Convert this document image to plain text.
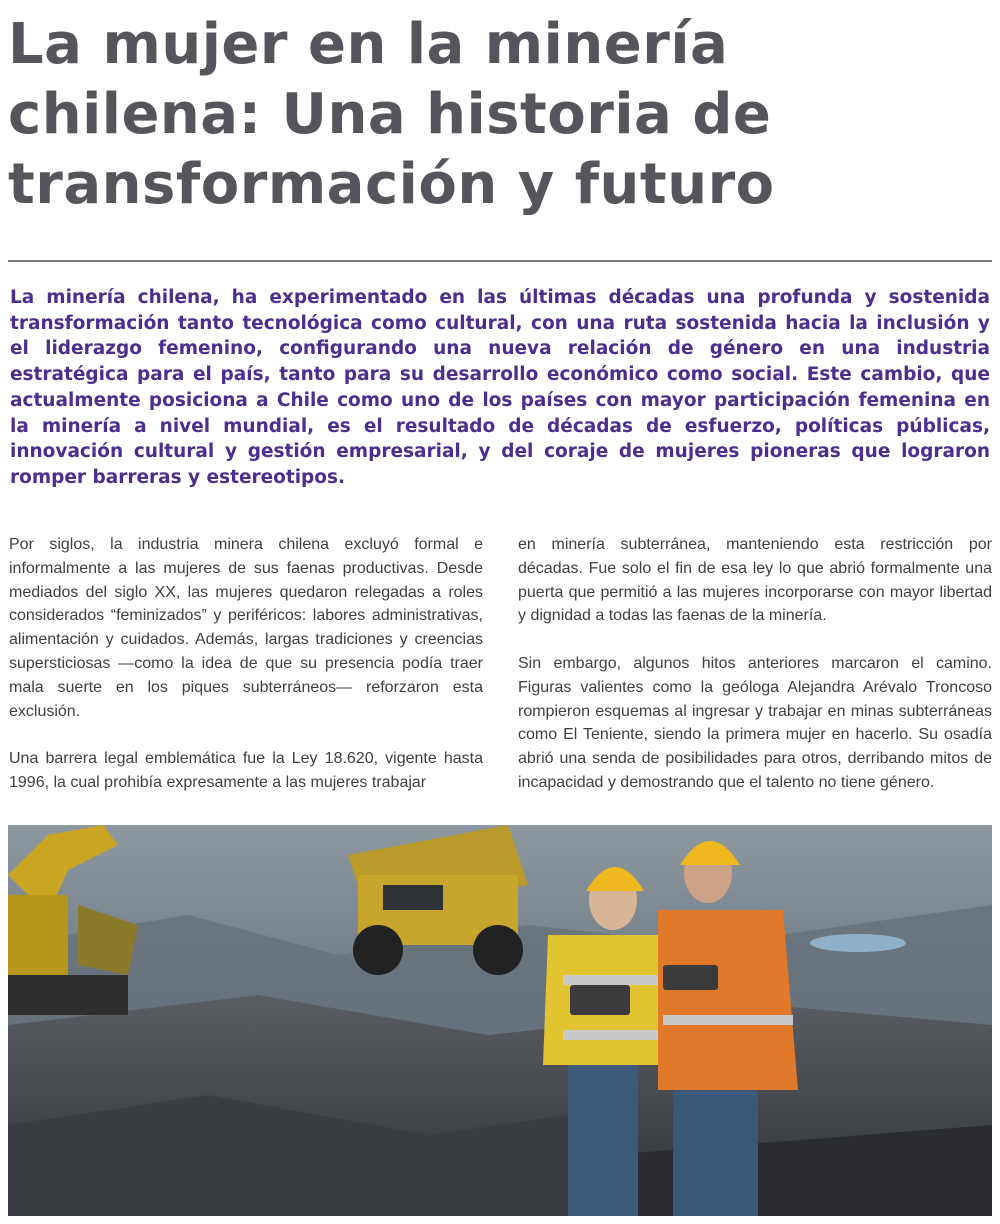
La mujer en la minería
chilena: Una historia de
transformación y futuro

La minería chilena, ha experimentado en las últimas décadas una profunda y sostenida transformación tanto tecnológica como cultural, con una ruta sostenida hacia la inclusión y el liderazgo femenino, configurando una nueva relación de género en una industria estratégica para el país, tanto para su desarrollo económico como social. Este cambio, que actualmente posiciona a Chile como uno de los países con mayor participación femenina en la minería a nivel mundial, es el resultado de décadas de esfuerzo, políticas públicas, innovación cultural y gestión empresarial, y del coraje de mujeres pioneras que lograron romper barreras y estereotipos.

Por siglos, la industria minera chilena excluyó formal e informalmente a las mujeres de sus faenas productivas. Desde mediados del siglo XX, las mujeres quedaron relegadas a roles considerados “feminizados” y periféricos: labores administrativas, alimentación y cuidados. Además, largas tradiciones y creencias supersticiosas —como la idea de que su presencia podía traer mala suerte en los piques subterráneos— reforzaron esta exclusión.

Una barrera legal emblemática fue la Ley 18.620, vigente hasta 1996, la cual prohibía expresamente a las mujeres trabajar

en minería subterránea, manteniendo esta restricción por décadas. Fue solo el fin de esa ley lo que abrió formalmente una puerta que permitió a las mujeres incorporarse con mayor libertad y dignidad a todas las faenas de la minería.

Sin embargo, algunos hitos anteriores marcaron el camino. Figuras valientes como la geóloga Alejandra Arévalo Troncoso rompieron esquemas al ingresar y trabajar en minas subterráneas como El Teniente, siendo la primera mujer en hacerlo. Su osadía abrió una senda de posibilidades para otros, derribando mitos de incapacidad y demostrando que el talento no tiene género.
